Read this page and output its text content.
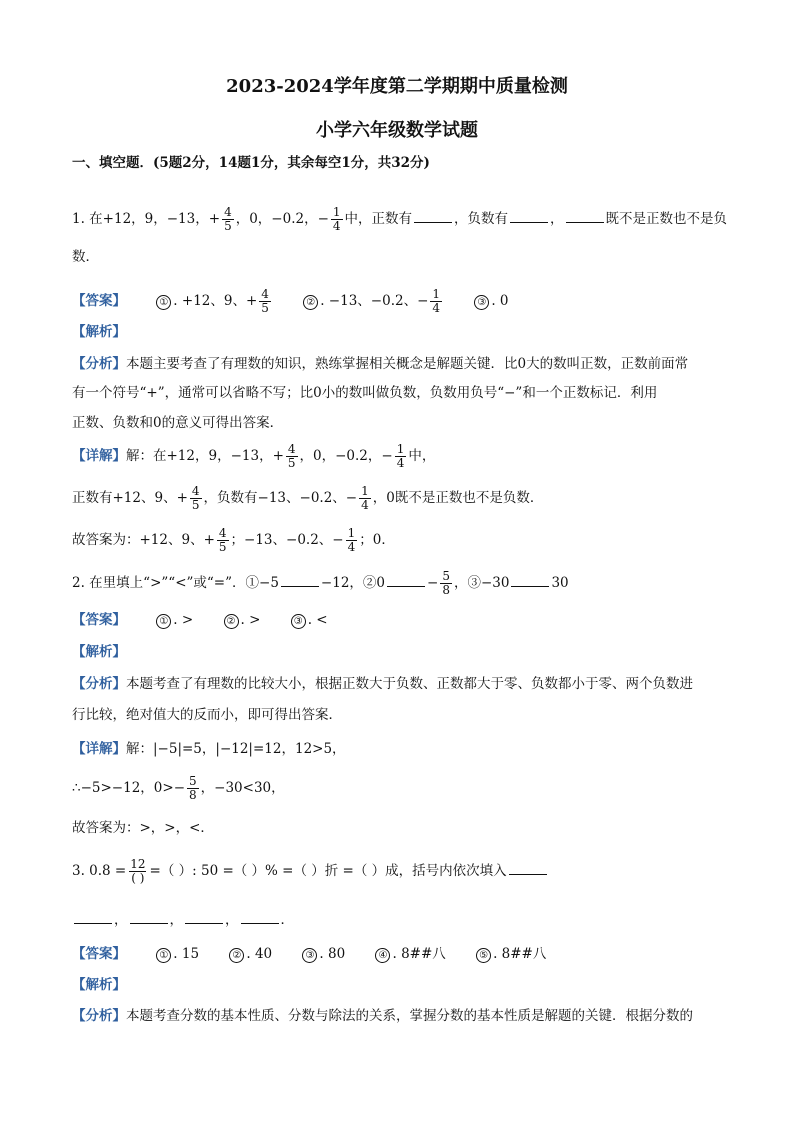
2023-2024学年度第二学期期中质量检测
小学六年级数学试题
一、填空题．(5题2分，14题1分，其余每空1分，共32分)
1. 在+12，9，−13，+ $\frac{4}{5}$ ，0，−0.2，− $\frac{1}{4}$ 中，正数有	，负数有	，	既不是正数也不是负
数．
【答案】	① . +12、9、+ $\frac{4}{5}$	② . −13、−0.2、− $\frac{1}{4}$	③ . 0
【解析】
【分析】本题主要考查了有理数的知识，熟练掌握相关概念是解题关键．比0大的数叫正数，正数前面常
有一个符号“+”，通常可以省略不写；比0小的数叫做负数，负数用负号“−”和一个正数标记．利用
正数、负数和0的意义可得出答案．
【详解】解：在+12，9，−13，+ $\frac{4}{5}$ ，0，−0.2，− $\frac{1}{4}$ 中，
正数有+12、9、+ $\frac{4}{5}$ ，负数有−13、−0.2、− $\frac{1}{4}$ ，0既不是正数也不是负数．
故答案为：+12、9、+ $\frac{4}{5}$ ；−13、−0.2、− $\frac{1}{4}$ ；0．
2. 在里填上“>”“<”或“=”．①−5	−12，②0	− $\frac{5}{8}$ ，③−30	30
【答案】	① . >	② . >	③ . <
【解析】
【分析】本题考查了有理数的比较大小，根据正数大于负数、正数都大于零、负数都小于零、两个负数进
行比较，绝对值大的反而小，即可得出答案．
【详解】解：|−5|=5，|−12|=12，12>5，
∴−5>−12，$0>- \frac{5}{8}$ ，−30<30，
故答案为：>，>，<．
3. $0.8 = \frac{12}{( )}$ =（ ）: 50 =（ ）% =（ ）折 =（ ）成，括号内依次填入
，	，	，	．
【答案】	① . 15	② . 40	③ . 80	④ . 8##八	⑤ . 8##八
【解析】
【分析】本题考查分数的基本性质、分数与除法的关系，掌握分数的基本性质是解题的关键．根据分数的
